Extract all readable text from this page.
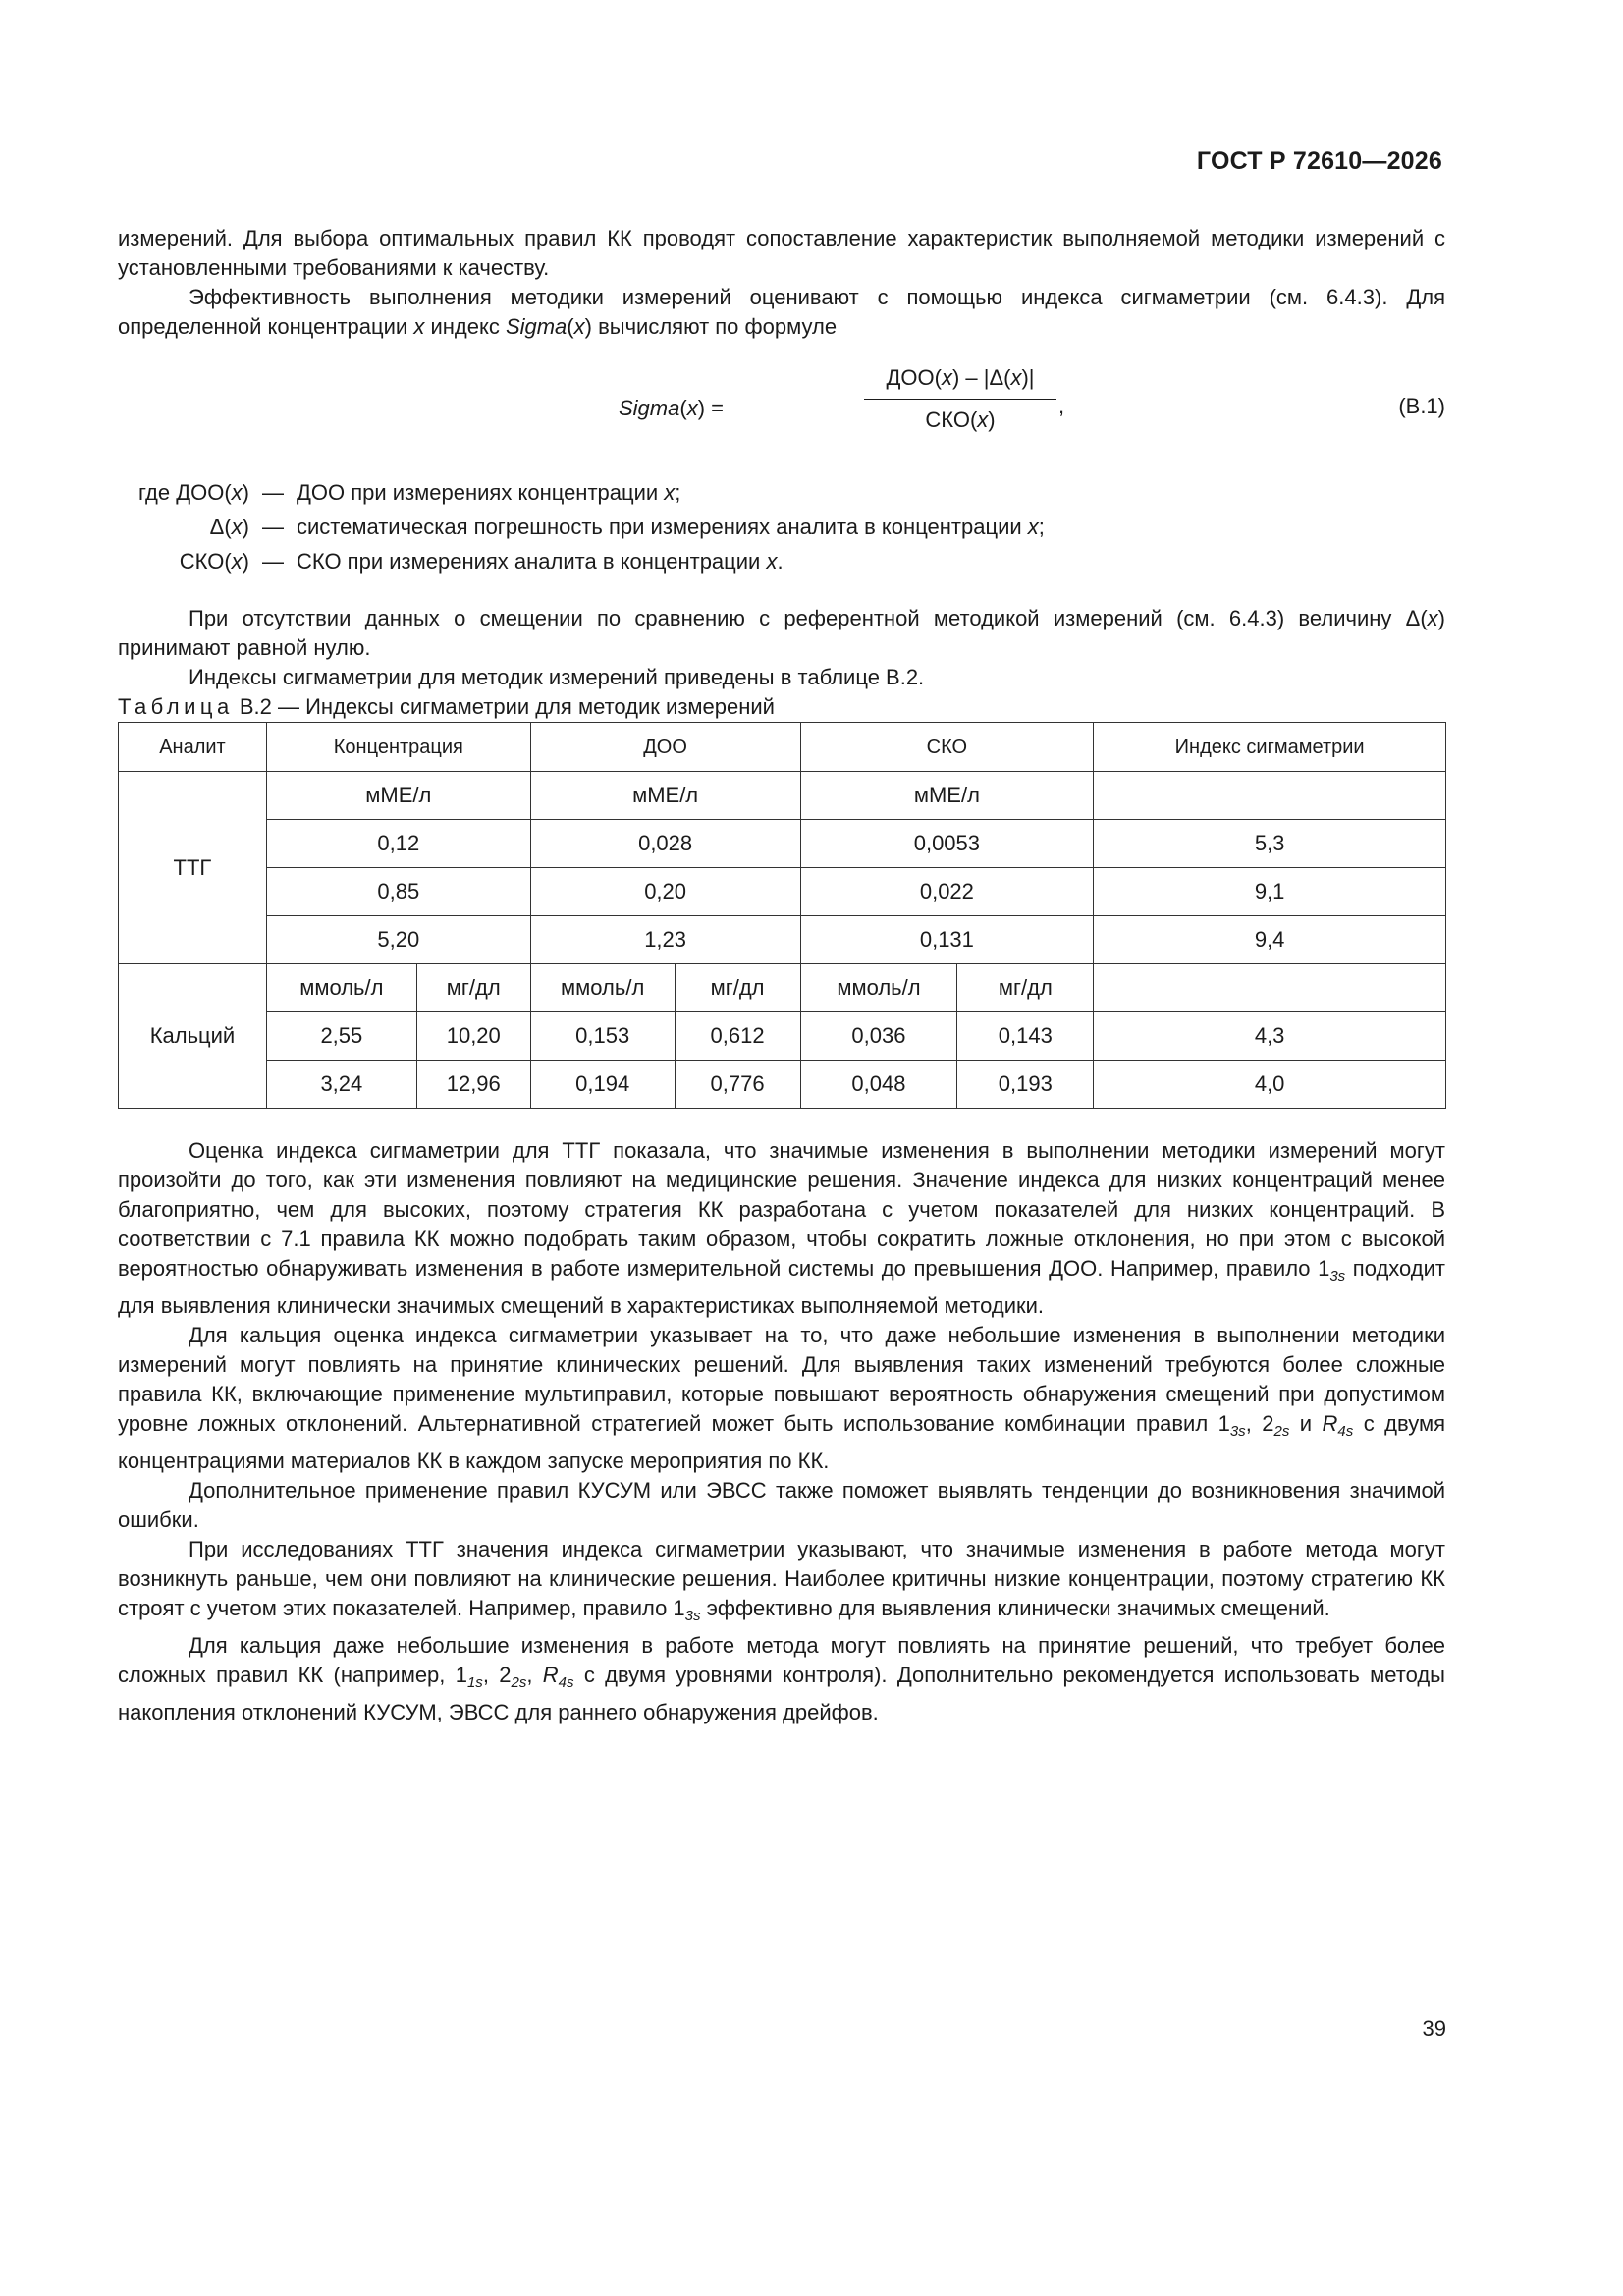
ГОСТ Р 72610—2026

измерений. Для выбора оптимальных правил КК проводят сопоставление характеристик выполняемой методики измерений с установленными требованиями к качеству.

Эффективность выполнения методики измерений оценивают с помощью индекса сигмаметрии (см. 6.4.3). Для определенной концентрации x индекс Sigma(x) вычисляют по формуле

Sigma(x) =
ДОО(x) – |Δ(x)|
СКО(x)
,	(В.1)
где ДОО(x) — ДОО при измерениях концентрации x;
Δ(x) — систематическая погрешность при измерениях аналита в концентрации x;
СКО(x) — СКО при измерениях аналита в концентрации x.

При отсутствии данных о смещении по сравнению с референтной методикой измерений (см. 6.4.3) величину Δ(x) принимают равной нулю.

Индексы сигмаметрии для методик измерений приведены в таблице В.2.

Таблица В.2 — Индексы сигмаметрии для методик измерений

Аналит	Концентрация		ДОО		СКО		Индекс сигмаметрии
ТТГ	мМЕ/л		мМЕ/л		мМЕ/л		
	0,12		0,028		0,0053		5,3
	0,85		0,20		0,022		9,1
	5,20		1,23		0,131		9,4
Кальций	ммоль/л	мг/дл	ммоль/л	мг/дл	ммоль/л	мг/дл	
	2,55	10,20	0,153	0,612	0,036	0,143	4,3
	3,24	12,96	0,194	0,776	0,048	0,193	4,0

Оценка индекса сигмаметрии для ТТГ показала, что значимые изменения в выполнении методики измерений могут произойти до того, как эти изменения повлияют на медицинские решения. Значение индекса для низких концентраций менее благоприятно, чем для высоких, поэтому стратегия КК разработана с учетом показателей для низких концентраций. В соответствии с 7.1 правила КК можно подобрать таким образом, чтобы сократить ложные отклонения, но при этом с высокой вероятностью обнаруживать изменения в работе измерительной системы до превышения ДОО. Например, правило $1_{3s}$ подходит для выявления клинически значимых смещений в характеристиках выполняемой методики.

Для кальция оценка индекса сигмаметрии указывает на то, что даже небольшие изменения в выполнении методики измерений могут повлиять на принятие клинических решений. Для выявления таких изменений требуются более сложные правила КК, включающие применение мультиправил, которые повышают вероятность обнаружения смещений при допустимом уровне ложных отклонений. Альтернативной стратегией может быть использование комбинации правил $1_{3s}$, $2_{2s}$ и $R_{4s}$ с двумя концентрациями материалов КК в каждом запуске мероприятия по КК.

Дополнительное применение правил КУСУМ или ЭВСС также поможет выявлять тенденции до возникновения значимой ошибки.

При исследованиях ТТГ значения индекса сигмаметрии указывают, что значимые изменения в работе метода могут возникнуть раньше, чем они повлияют на клинические решения. Наиболее критичны низкие концентрации, поэтому стратегию КК строят с учетом этих показателей. Например, правило $1_{3s}$ эффективно для выявления клинически значимых смещений.

Для кальция даже небольшие изменения в работе метода могут повлиять на принятие решений, что требует более сложных правил КК (например, $1_{1s}$, $2_{2s}$, $R_{4s}$ с двумя уровнями контроля). Дополнительно рекомендуется использовать методы накопления отклонений КУСУМ, ЭВСС для раннего обнаружения дрейфов.

39
